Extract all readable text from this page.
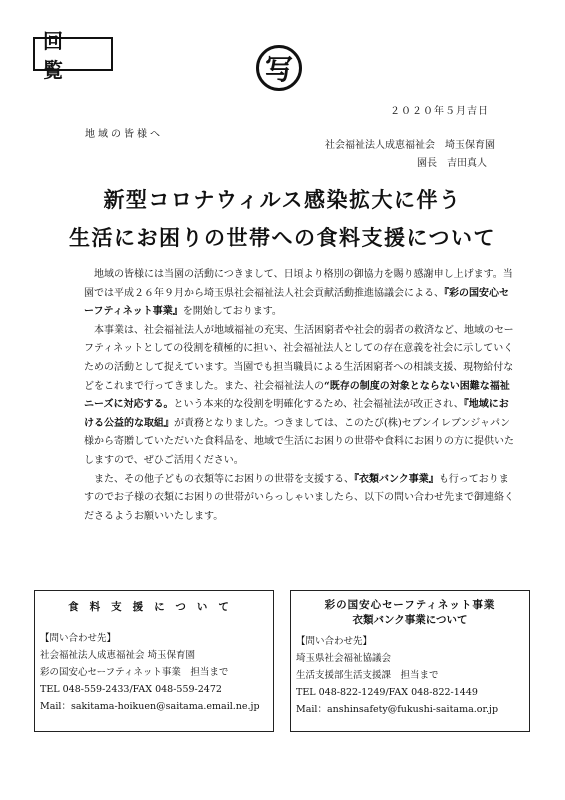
回 覧	写
２０２０年５月吉日
地域の皆様へ
社会福祉法人成恵福祉会　埼玉保育園
園長　吉田真人
新型コロナウィルス感染拡大に伴う
生活にお困りの世帯への食料支援について

地域の皆様には当園の活動につきまして、日頃より格別の御協力を賜り感謝申し上げます。当園では平成２６年９月から埼玉県社会福祉法人社会貢献活動推進協議会による、『彩の国安心セーフティネット事業』を開始しております。

本事業は、社会福祉法人が地域福祉の充実、生活困窮者や社会的弱者の救済など、地域のセーフティネットとしての役割を積極的に担い、社会福祉法人としての存在意義を社会に示していくための活動として捉えています。当園でも担当職員による生活困窮者への相談支援、現物給付などをこれまで行ってきました。また、社会福祉法人の“既存の制度の対象とならない困難な福祉ニーズに対応する。という本来的な役割を明確化するため、社会福祉法が改正され、『地域における公益的な取組』が責務となりました。つきましては、このたび(株)セブンイレブンジャパン様から寄贈していただいた食料品を、地域で生活にお困りの世帯や食料にお困りの方に提供いたしますので、ぜひご活用ください。

また、その他子どもの衣類等にお困りの世帯を支援する、『衣類バンク事業』も行っておりますのでお子様の衣類にお困りの世帯がいらっしゃいましたら、以下の問い合わせ先まで御連絡くださるようお願いいたします。

食料支援について
【問い合わせ先】
社会福祉法人成恵福祉会 埼玉保育園
彩の国安心セーフティネット事業　担当まで
TEL 048-559-2433/FAX 048-559-2472
Mail：sakitama-hoikuen@saitama.email.ne.jp
彩の国安心セーフティネット事業
衣類バンク事業について
【問い合わせ先】
埼玉県社会福祉協議会
生活支援部生活支援課　担当まで
TEL 048-822-1249/FAX 048-822-1449
Mail：anshinsafety@fukushi-saitama.or.jp
